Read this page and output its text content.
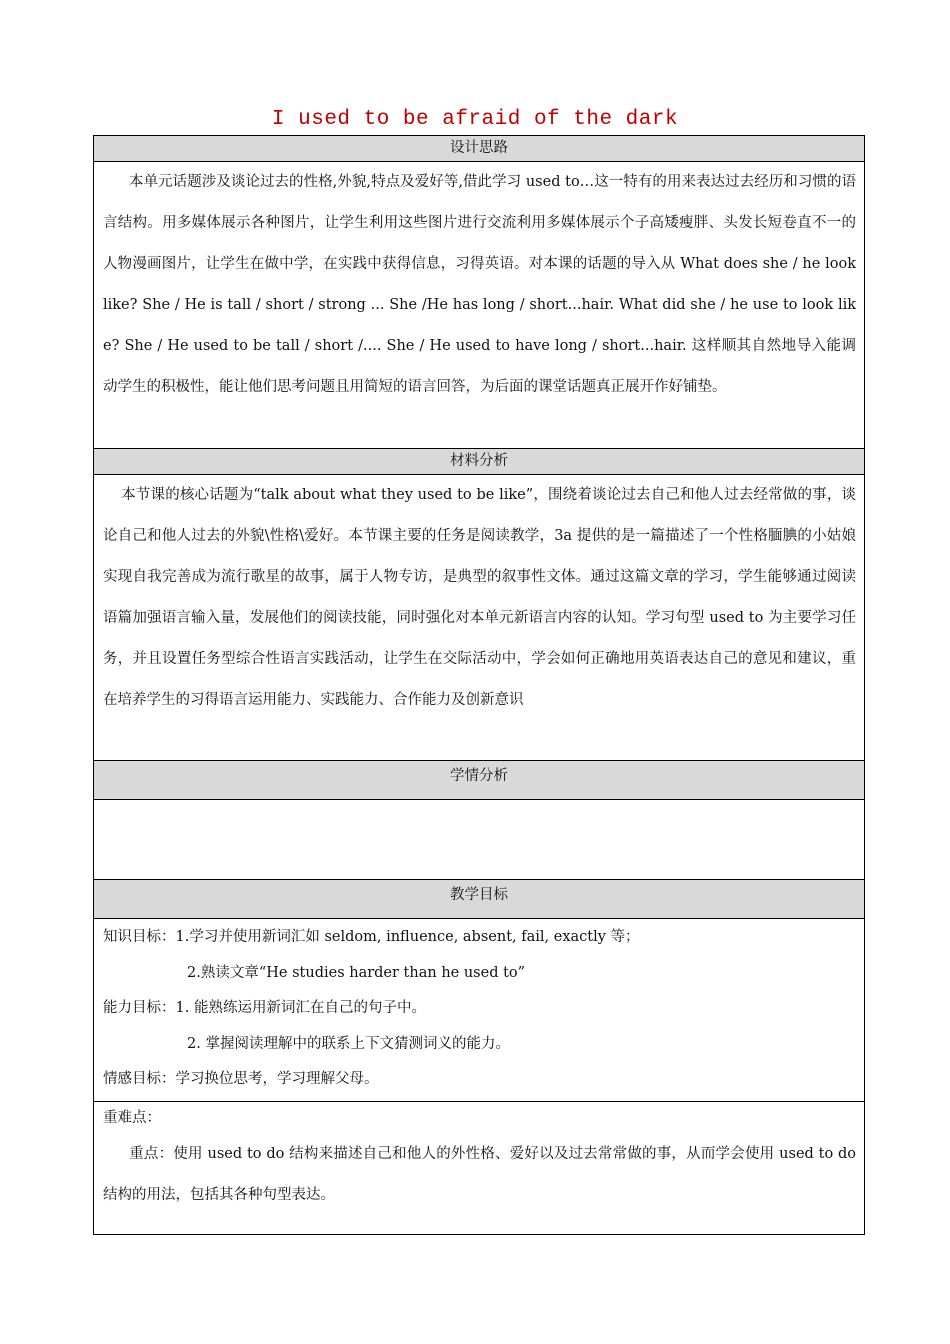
I used to be afraid of the dark
设计思路
本单元话题涉及谈论过去的性格,外貌,特点及爱好等,借此学习 used to…这一特有的用来表达过去经历和习惯的语言结构。用多媒体展示各种图片，让学生利用这些图片进行交流利用多媒体展示个子高矮瘦胖、头发长短卷直不一的人物漫画图片，让学生在做中学，在实践中获得信息，习得英语。对本课的话题的导入从 What does she / he look like? She / He is tall / short / strong ... She /He has long / short...hair. What did she / he use to look like? She / He used to be tall / short /.... She / He used to have long / short...hair. 这样顺其自然地导入能调动学生的积极性，能让他们思考问题且用简短的语言回答，为后面的课堂话题真正展开作好铺垫。
材料分析
本节课的核心话题为“talk about what they used to be like”，围绕着谈论过去自己和他人过去经常做的事，谈论自己和他人过去的外貌\性格\爱好。本节课主要的任务是阅读教学，3a 提供的是一篇描述了一个性格腼腆的小姑娘实现自我完善成为流行歌星的故事，属于人物专访，是典型的叙事性文体。通过这篇文章的学习，学生能够通过阅读语篇加强语言输入量，发展他们的阅读技能，同时强化对本单元新语言内容的认知。学习句型 used to 为主要学习任务，并且设置任务型综合性语言实践活动，让学生在交际活动中，学会如何正确地用英语表达自己的意见和建议，重在培养学生的习得语言运用能力、实践能力、合作能力及创新意识
学情分析
教学目标
知识目标：1.学习并使用新词汇如 seldom, influence, absent, fail, exactly 等；
2.熟读文章“He studies harder than he used to”
能力目标：1. 能熟练运用新词汇在自己的句子中。
2. 掌握阅读理解中的联系上下文猜测词义的能力。
情感目标：学习换位思考，学习理解父母。
重难点：
重点：使用 used to do 结构来描述自己和他人的外性格、爱好以及过去常常做的事，从而学会使用 used to do 结构的用法，包括其各种句型表达。
